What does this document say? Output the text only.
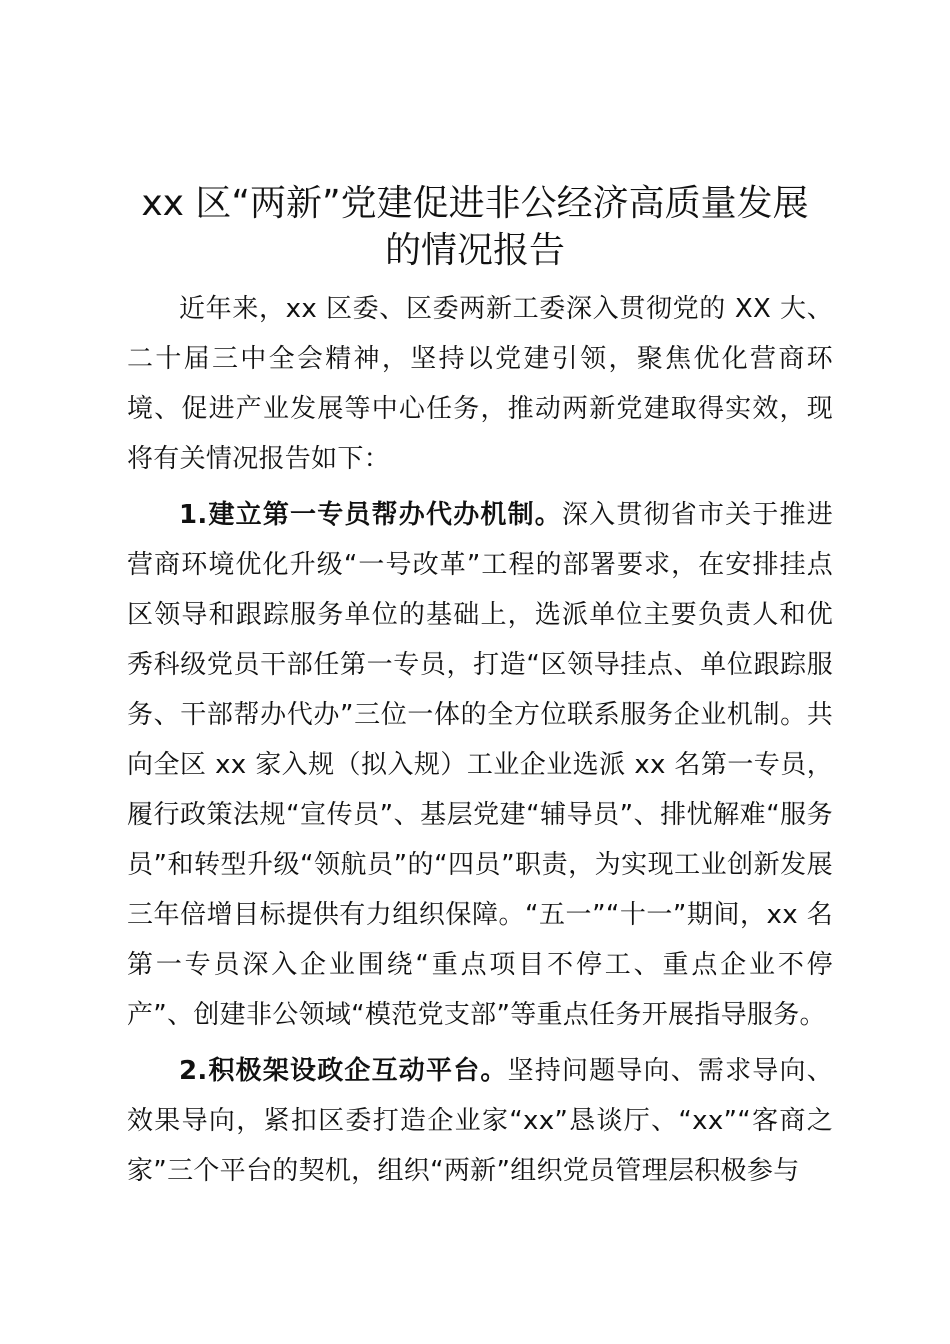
xx 区“两新”党建促进非公经济高质量发展
的情况报告

近年来，xx 区委、区委两新工委深入贯彻党的 XX 大、二十届三中全会精神，坚持以党建引领，聚焦优化营商环境、促进产业发展等中心任务，推动两新党建取得实效，现将有关情况报告如下：

1.建立第一专员帮办代办机制。深入贯彻省市关于推进营商环境优化升级“一号改革”工程的部署要求，在安排挂点区领导和跟踪服务单位的基础上，选派单位主要负责人和优秀科级党员干部任第一专员，打造“区领导挂点、单位跟踪服务、干部帮办代办”三位一体的全方位联系服务企业机制。共向全区 xx 家入规（拟入规）工业企业选派 xx 名第一专员，履行政策法规“宣传员”、基层党建“辅导员”、排忧解难“服务员”和转型升级“领航员”的“四员”职责，为实现工业创新发展三年倍增目标提供有力组织保障。“五一”“十一”期间，xx 名第一专员深入企业围绕“重点项目不停工、重点企业不停产”、创建非公领域“模范党支部”等重点任务开展指导服务。

2.积极架设政企互动平台。坚持问题导向、需求导向、效果导向，紧扣区委打造企业家“xx”恳谈厅、“xx”“客商之家”三个平台的契机，组织“两新”组织党员管理层积极参与
